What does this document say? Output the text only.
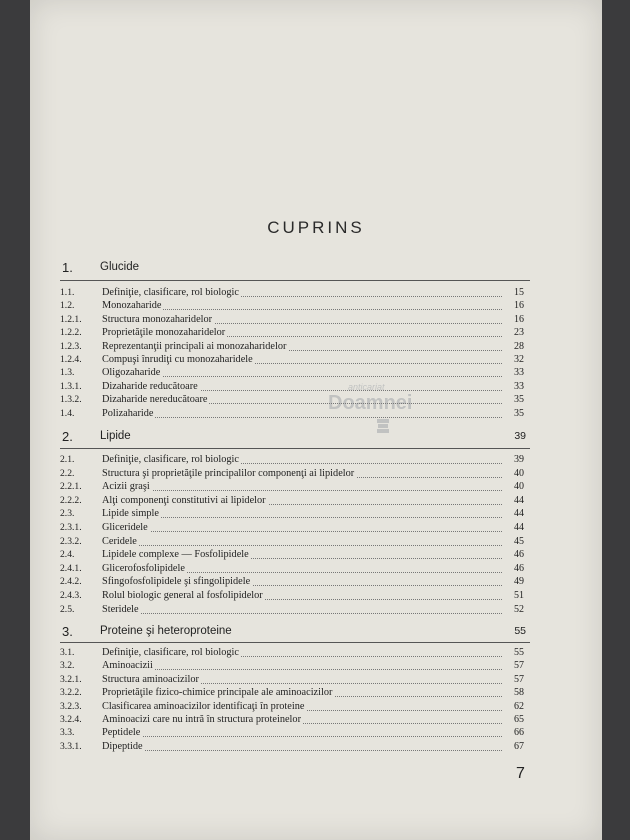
CUPRINS
anticariat
Doamnei
1. Glucide
1.1.	Definiţie, clasificare, rol biologic	15
1.2.	Monozaharide	16
1.2.1. Structura monozaharidelor	16
1.2.2. Proprietăţile monozaharidelor	23
1.2.3. Reprezentanţii principali ai monozaharidelor	28
1.2.4. Compuşi înrudiţi cu monozaharidele	32
1.3.	Oligozaharide	33
1.3.1. Dizaharide reducătoare	33
1.3.2. Dizaharide nereducătoare	35
1.4.	Polizaharide	35
2. Lipide	39
2.1.	Definiţie, clasificare, rol biologic	39
2.2.	Structura şi proprietăţile principalilor componenţi ai lipidelor	40
2.2.1. Acizii graşi	40
2.2.2. Alţi componenţi constitutivi ai lipidelor	44
2.3.	Lipide simple	44
2.3.1. Gliceridele	44
2.3.2. Ceridele	45
2.4.	Lipidele complexe — Fosfolipidele	46
2.4.1. Glicerofosfolipidele	46
2.4.2. Sfingofosfolipidele şi sfingolipidele	49
2.4.3. Rolul biologic general al fosfolipidelor	51
2.5.	Steridele	52
3. Proteine şi heteroproteine	55
3.1.	Definiţie, clasificare, rol biologic	55
3.2.	Aminoacizii	57
3.2.1. Structura aminoacizilor	57
3.2.2. Proprietăţile fizico-chimice principale ale aminoacizilor	58
3.2.3. Clasificarea aminoacizilor identificaţi în proteine	62
3.2.4. Aminoacizi care nu intră în structura proteinelor	65
3.3.	Peptidele	66
3.3.1. Dipeptide	67
7
